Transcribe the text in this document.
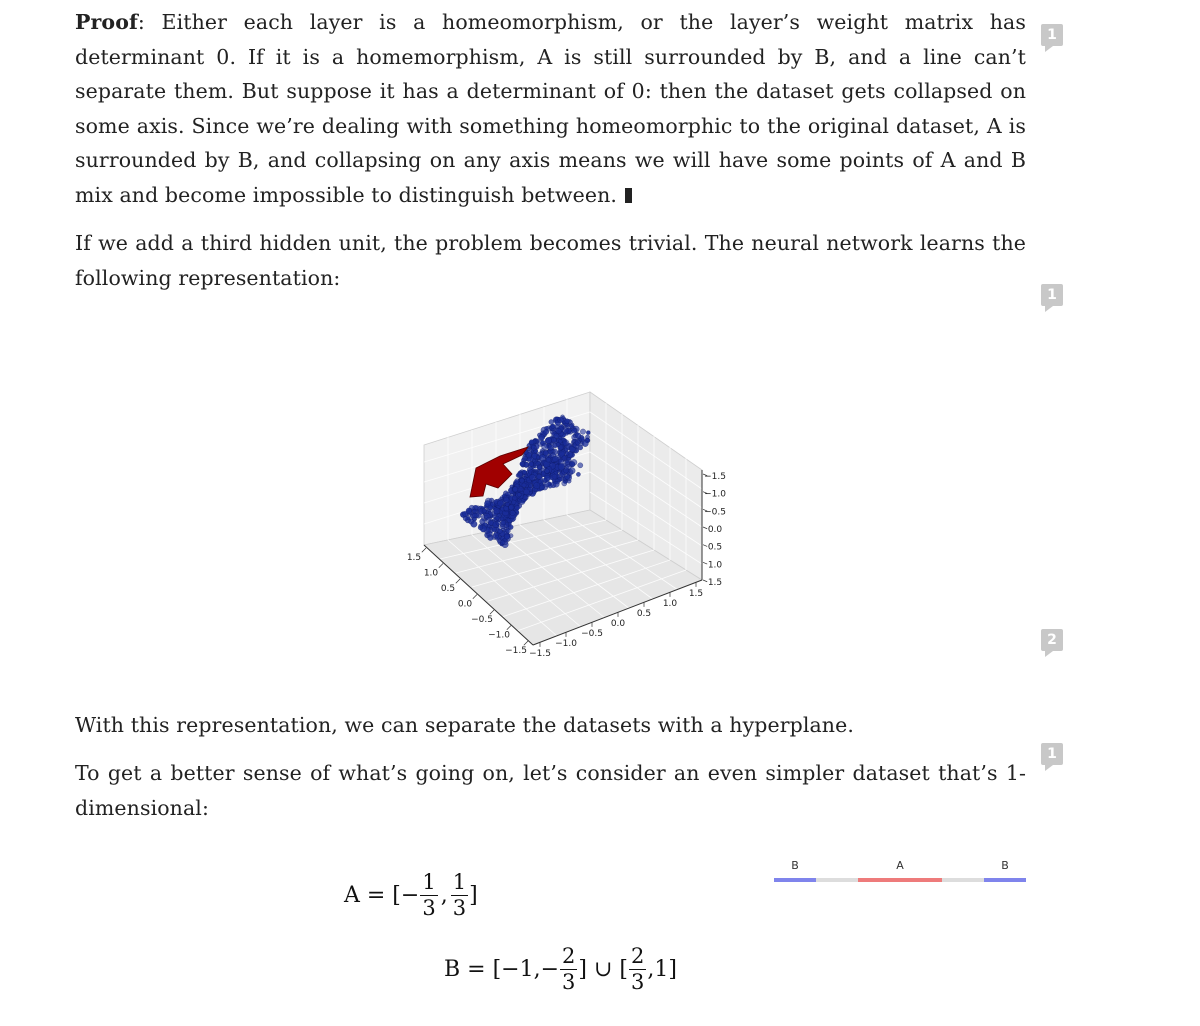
Proof: Either each layer is a homeomorphism, or the layer’s weight matrix has determinant 0. If it is a homemorphism, A is still surrounded by B, and a line can’t separate them. But suppose it has a determinant of 0: then the dataset gets collapsed on some axis. Since we’re dealing with something homeomorphic to the original dataset, A is surrounded by B, and collapsing on any axis means we will have some points of A and B mix and become impossible to distinguish between.

If we add a third hidden unit, the problem becomes trivial. The neural network learns the following representation:

1
1
2
1
1.5
1.0
0.5
0.0
−0.5
−1.0
−1.5 −1.5
−1.0
−0.5
0.0
0.5
1.0
1.5
−1.5
−1.0
−0.5
0.0
0.5
1.0
1.5

With this representation, we can separate the datasets with a hyperplane.

To get a better sense of what’s going on, let’s consider an even simpler dataset that’s 1-dimensional:

A = [− $\frac{1}{3}$ , $\frac{1}{3}$ ]
$B = [-1,- \frac{2}{3}$ ] ∪ [ $\frac{2}{3} ,1$]
B	A	B
